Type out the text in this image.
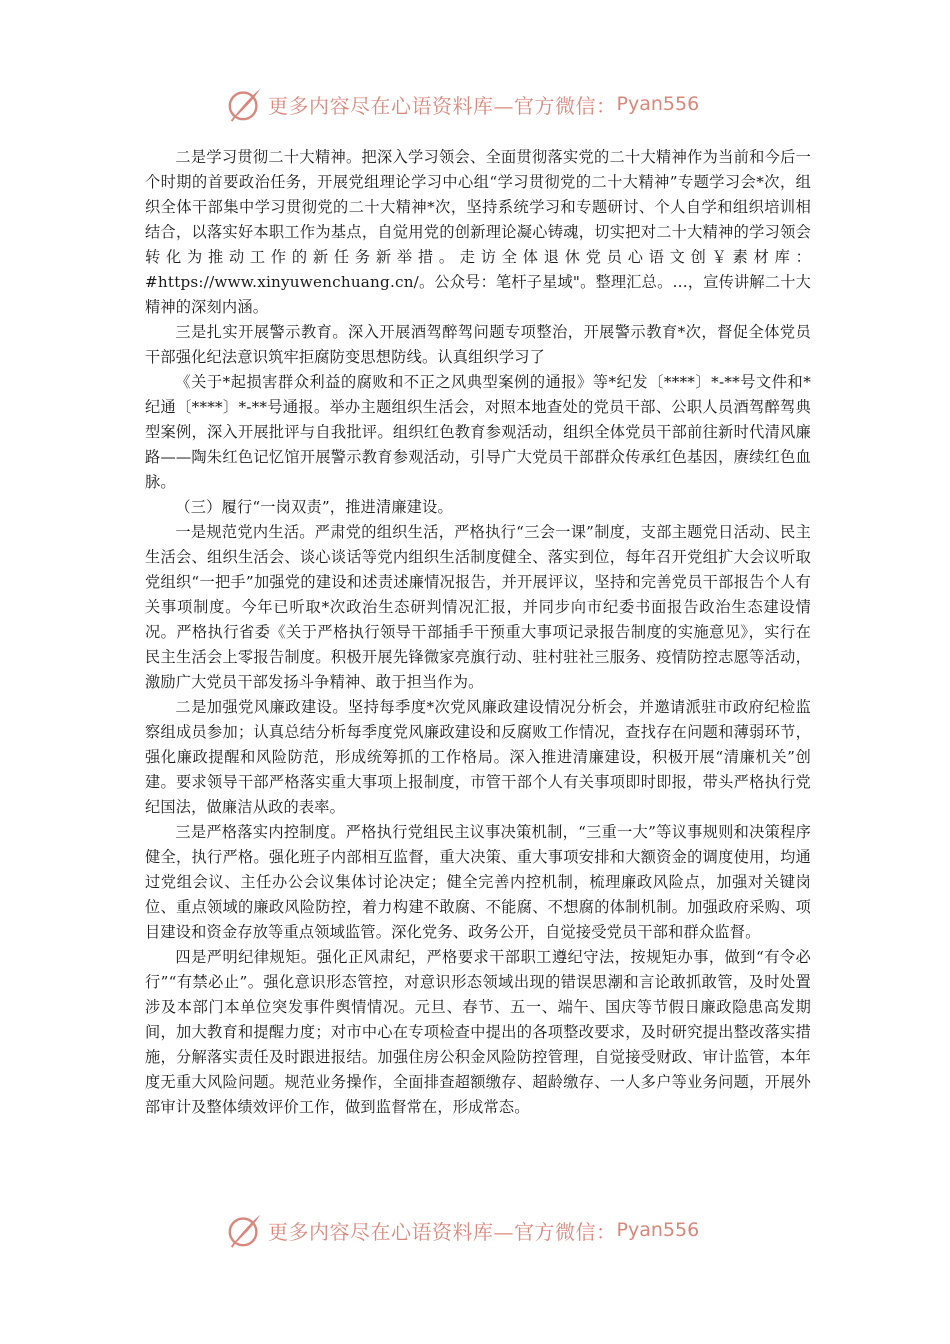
更多内容尽在心语资料库—官方微信： Pyan556

二是学习贯彻二十大精神。把深入学习领会、全面贯彻落实党的二十大精神作为当前和今后一个时期的首要政治任务，开展党组理论学习中心组“学习贯彻党的二十大精神”专题学习会*次，组织全体干部集中学习贯彻党的二十大精神*次，坚持系统学习和专题研讨、个人自学和组织培训相结合，以落实好本职工作为基点，自觉用党的创新理论凝心铸魂，切实把对二十大精神的学习领会转化为推动工作的新任务新举措。走访全体退休党员心语文创￥素材库：#https://www.xinyuwenchuang.cn/。公众号：笔杆子星域"。整理汇总。…，宣传讲解二十大精神的深刻内涵。

三是扎实开展警示教育。深入开展酒驾醉驾问题专项整治，开展警示教育*次，督促全体党员干部强化纪法意识筑牢拒腐防变思想防线。认真组织学习了

《关于*起损害群众利益的腐败和不正之风典型案例的通报》等*纪发〔****〕*-**号文件和*纪通〔****〕*-**号通报。举办主题组织生活会，对照本地查处的党员干部、公职人员酒驾醉驾典型案例，深入开展批评与自我批评。组织红色教育参观活动，组织全体党员干部前往新时代清风廉路——陶朱红色记忆馆开展警示教育参观活动，引导广大党员干部群众传承红色基因，赓续红色血脉。

（三）履行“一岗双责”，推进清廉建设。

一是规范党内生活。严肃党的组织生活，严格执行“三会一课”制度，支部主题党日活动、民主生活会、组织生活会、谈心谈话等党内组织生活制度健全、落实到位，每年召开党组扩大会议听取党组织“一把手”加强党的建设和述责述廉情况报告，并开展评议，坚持和完善党员干部报告个人有关事项制度。今年已听取*次政治生态研判情况汇报，并同步向市纪委书面报告政治生态建设情况。严格执行省委《关于严格执行领导干部插手干预重大事项记录报告制度的实施意见》，实行在民主生活会上零报告制度。积极开展先锋微家亮旗行动、驻村驻社三服务、疫情防控志愿等活动，激励广大党员干部发扬斗争精神、敢于担当作为。

二是加强党风廉政建设。坚持每季度*次党风廉政建设情况分析会，并邀请派驻市政府纪检监察组成员参加；认真总结分析每季度党风廉政建设和反腐败工作情况，查找存在问题和薄弱环节，强化廉政提醒和风险防范，形成统筹抓的工作格局。深入推进清廉建设，积极开展“清廉机关”创建。要求领导干部严格落实重大事项上报制度，市管干部个人有关事项即时即报，带头严格执行党纪国法，做廉洁从政的表率。

三是严格落实内控制度。严格执行党组民主议事决策机制，“三重一大”等议事规则和决策程序健全，执行严格。强化班子内部相互监督，重大决策、重大事项安排和大额资金的调度使用，均通过党组会议、主任办公会议集体讨论决定；健全完善内控机制，梳理廉政风险点，加强对关键岗位、重点领域的廉政风险防控，着力构建不敢腐、不能腐、不想腐的体制机制。加强政府采购、项目建设和资金存放等重点领域监管。深化党务、政务公开，自觉接受党员干部和群众监督。

四是严明纪律规矩。强化正风肃纪，严格要求干部职工遵纪守法，按规矩办事，做到“有令必行”“有禁必止”。强化意识形态管控，对意识形态领域出现的错误思潮和言论敢抓敢管，及时处置涉及本部门本单位突发事件舆情情况。元旦、春节、五一、端午、国庆等节假日廉政隐患高发期间，加大教育和提醒力度；对市中心在专项检查中提出的各项整改要求，及时研究提出整改落实措施，分解落实责任及时跟进报结。加强住房公积金风险防控管理，自觉接受财政、审计监管，本年度无重大风险问题。规范业务操作，全面排查超额缴存、超龄缴存、一人多户等业务问题，开展外部审计及整体绩效评价工作，做到监督常在，形成常态。

更多内容尽在心语资料库—官方微信： Pyan556
